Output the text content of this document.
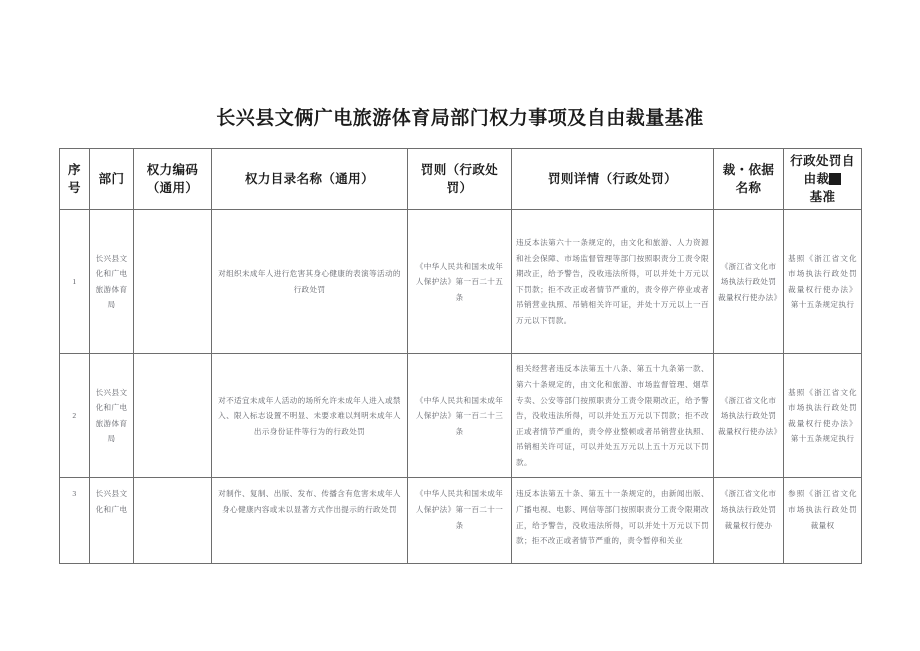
长兴县文俩广电旅游体育局部门权力事项及自由裁量基准
序号	部门	权力编码（通用）	权力目录名称（通用）	罚则（行政处罚）	罚则详情（行政处罚）	裁・依据名称	行政处罚自由裁
基准
1	长兴县文化和广电旅游体育局		对组织未成年人进行危害其身心健康的表演等活动的行政处罚	《中华人民共和国未成年人保护法》第一百二十五条	违反本法第六十一条规定的，由文化和旅游、人力资源和社会保障、市场监督管理等部门按照职责分工责令限期改正，给予警告，没收违法所得，可以并处十万元以下罚款；拒不改正或者情节严重的，责令停产停业或者吊销营业执照、吊销相关许可证，并处十万元以上一百万元以下罚款。	《浙江省文化市场执法行政处罚裁量权行使办法》	基照《浙江省文化市场执法行政处罚裁量权行使办法》第十五条规定执行
2	长兴县文化和广电旅游体育局		对不适宜未成年人活动的场所允许未成年人进入或禁入、限入标志设置不明显、未要求难以判明未成年人出示身份证件等行为的行政处罚	《中华人民共和国未成年人保护法》第一百二十三条	相关经营者违反本法第五十八条、第五十九条第一款、第六十条规定的，由文化和旅游、市场监督管理、烟草专卖、公安等部门按照职责分工责令限期改正，给予警告，没收违法所得，可以并处五万元以下罚款；拒不改正或者情节严重的，责令停业整顿或者吊销营业执照、吊销相关许可证，可以并处五万元以上五十万元以下罚款。	《浙江省文化市场执法行政处罚裁量权行使办法》	基照《浙江省文化市场执法行政处罚裁量权行使办法》第十五条规定执行
3	长兴县文化和广电		对制作、复制、出版、发布、传播含有危害未成年人身心健康内容或未以显著方式作出提示的行政处罚	《中华人民共和国未成年人保护法》第一百二十一条	违反本法第五十条、第五十一条规定的，由新闻出版、广播电视、电影、网信等部门按照职责分工责令限期改正，给予警告，没收违法所得，可以并处十万元以下罚款；拒不改正或者情节严重的，责令暂停和关业	《浙江省文化市场执法行政处罚裁量权行使办	参照《浙江省文化市场执法行政处罚裁量权
